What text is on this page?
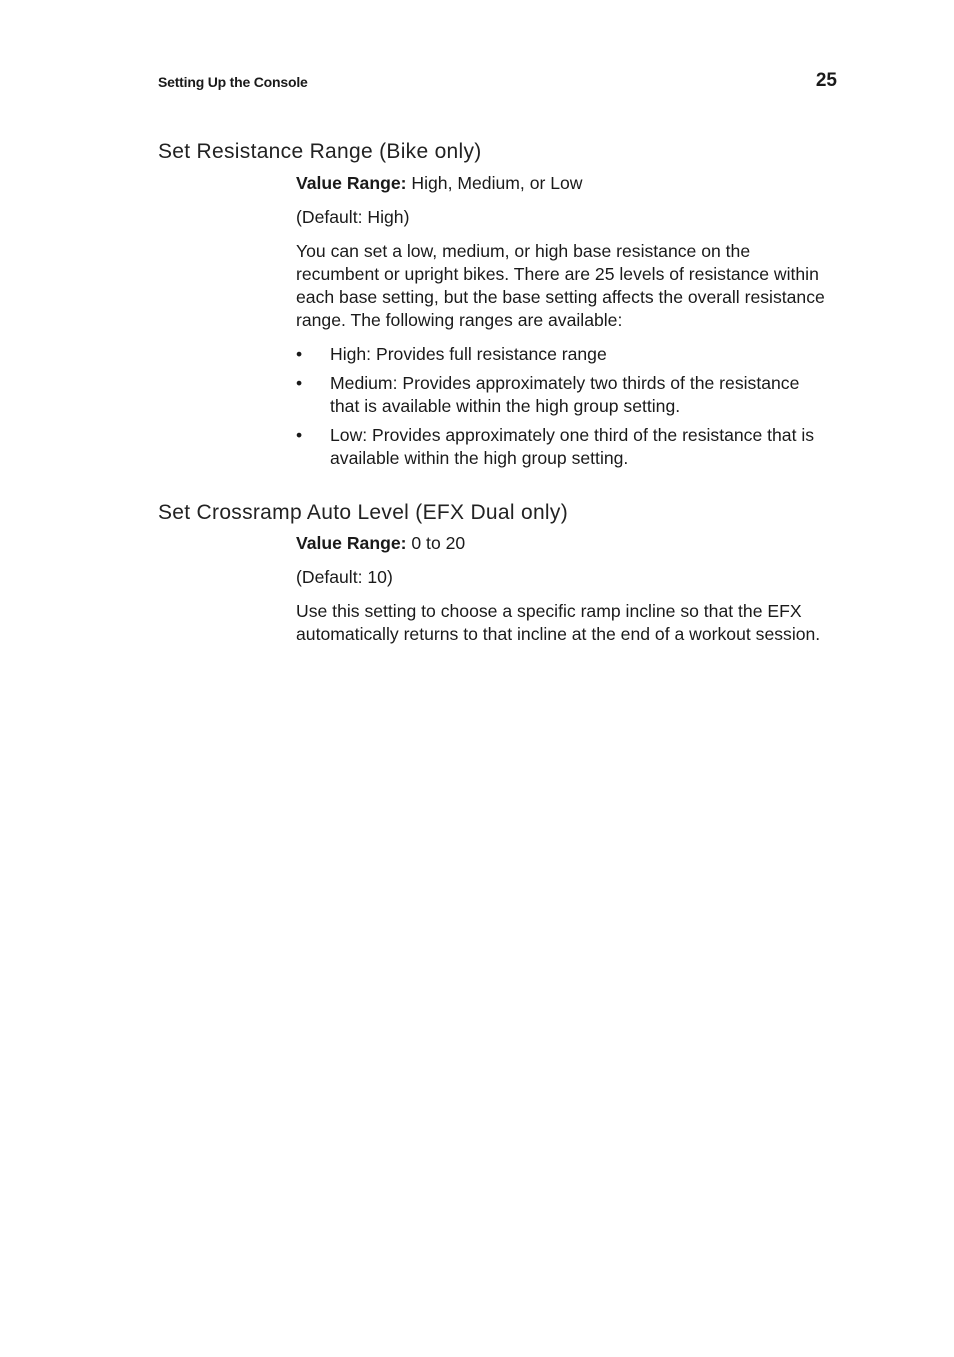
Setting Up the Console	25
Set Resistance Range (Bike only)

Value Range: High, Medium, or Low

(Default: High)

You can set a low, medium, or high base resistance on the recumbent or upright bikes. There are 25 levels of resistance within each base setting, but the base setting affects the overall resistance range. The following ranges are available:

• High: Provides full resistance range
• Medium: Provides approximately two thirds of the resistance that is available within the high group setting.
• Low: Provides approximately one third of the resistance that is available within the high group setting.
Set Crossramp Auto Level (EFX Dual only)

Value Range: 0 to 20

(Default: 10)

Use this setting to choose a specific ramp incline so that the EFX automatically returns to that incline at the end of a workout session.
